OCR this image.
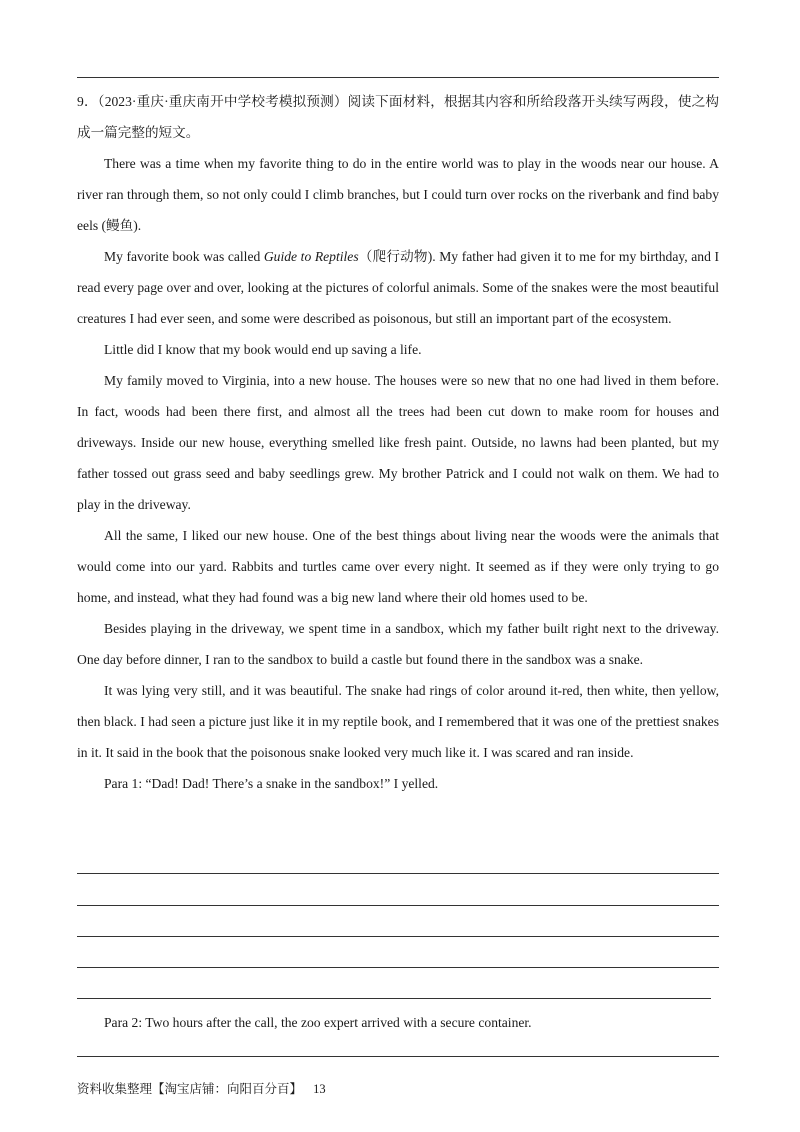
9．（2023·重庆·重庆南开中学校考模拟预测）阅读下面材料，根据其内容和所给段落开头续写两段，使之构成一篇完整的短文。

There was a time when my favorite thing to do in the entire world was to play in the woods near our house. A river ran through them, so not only could I climb branches, but I could turn over rocks on the riverbank and find baby eels (鳗鱼).

My favorite book was called Guide to Reptiles（爬行动物). My father had given it to me for my birthday, and I read every page over and over, looking at the pictures of colorful animals. Some of the snakes were the most beautiful creatures I had ever seen, and some were described as poisonous, but still an important part of the ecosystem.

Little did I know that my book would end up saving a life.

My family moved to Virginia, into a new house. The houses were so new that no one had lived in them before. In fact, woods had been there first, and almost all the trees had been cut down to make room for houses and driveways. Inside our new house, everything smelled like fresh paint. Outside, no lawns had been planted, but my father tossed out grass seed and baby seedlings grew. My brother Patrick and I could not walk on them. We had to play in the driveway.

All the same, I liked our new house. One of the best things about living near the woods were the animals that would come into our yard. Rabbits and turtles came over every night. It seemed as if they were only trying to go home, and instead, what they had found was a big new land where their old homes used to be.

Besides playing in the driveway, we spent time in a sandbox, which my father built right next to the driveway. One day before dinner, I ran to the sandbox to build a castle but found there in the sandbox was a snake.

It was lying very still, and it was beautiful. The snake had rings of color around it-red, then white, then yellow, then black. I had seen a picture just like it in my reptile book, and I remembered that it was one of the prettiest snakes in it. It said in the book that the poisonous snake looked very much like it. I was scared and ran inside.

Para 1: “Dad! Dad! There’s a snake in the sandbox!” I yelled.

Para 2: Two hours after the call, the zoo expert arrived with a secure container.
资料收集整理【淘宝店铺：向阳百分百】 13
